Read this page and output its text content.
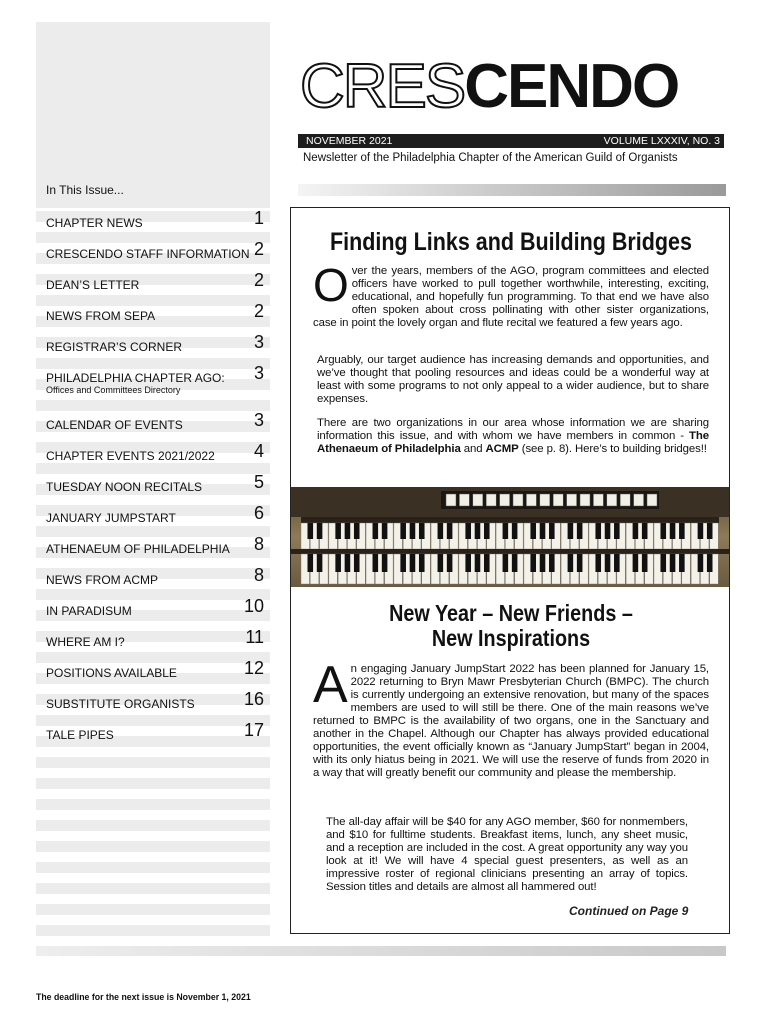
CRESCENDO
NOVEMBER 2021	VOLUME LXXXIV, NO. 3
Newsletter of the Philadelphia Chapter of the American Guild of Organists
In This Issue...
CHAPTER NEWS	1
CRESCENDO STAFF INFORMATION 2
DEAN’S LETTER	2
NEWS FROM SEPA	2
REGISTRAR’S CORNER	3
PHILADELPHIA CHAPTER AGO:
Offices and Committees Directory
3
CALENDAR OF EVENTS	3
CHAPTER EVENTS 2021/2022 4
TUESDAY NOON RECITALS	5
JANUARY JUMPSTART	6
ATHENAEUM OF PHILADELPHIA 8
NEWS FROM ACMP	8
IN PARADISUM	10
WHERE AM I?	11
POSITIONS AVAILABLE	12
SUBSTITUTE ORGANISTS	16
TALE PIPES	17
The deadline for the next issue is November 1, 2021
Finding Links and Building Bridges
Over the years, members of the AGO, program committees and elected officers have worked to pull together worthwhile, interesting, exciting, educational, and hopefully fun programming. To that end we have also often spoken about cross pollinating with other sister organizations, case in point the lovely organ and flute recital we featured a few years ago.
Arguably, our target audience has increasing demands and opportunities, and we’ve thought that pooling resources and ideas could be a wonderful way at least with some programs to not only appeal to a wider audience, but to share expenses.
There are two organizations in our area whose information we are sharing information this issue, and with whom we have members in common - The Athenaeum of Philadelphia and ACMP (see p. 8). Here’s to building bridges!!
New Year – New Friends –
New Inspirations
An engaging January JumpStart 2022 has been planned for January 15, 2022 returning to Bryn Mawr Presbyterian Church (BMPC). The church is currently undergoing an extensive renovation, but many of the spaces members are used to will still be there. One of the main reasons we’ve returned to BMPC is the availability of two organs, one in the Sanctuary and another in the Chapel. Although our Chapter has always provided educational opportunities, the event officially known as “January JumpStart” began in 2004, with its only hiatus being in 2021. We will use the reserve of funds from 2020 in a way that will greatly benefit our community and please the membership.
The all-day affair will be $40 for any AGO member, $60 for nonmembers, and $10 for fulltime students. Breakfast items, lunch, any sheet music, and a reception are included in the cost. A great opportunity any way you look at it! We will have 4 special guest presenters, as well as an impressive roster of regional clinicians presenting an array of topics. Session titles and details are almost all hammered out!
Continued on Page 9
